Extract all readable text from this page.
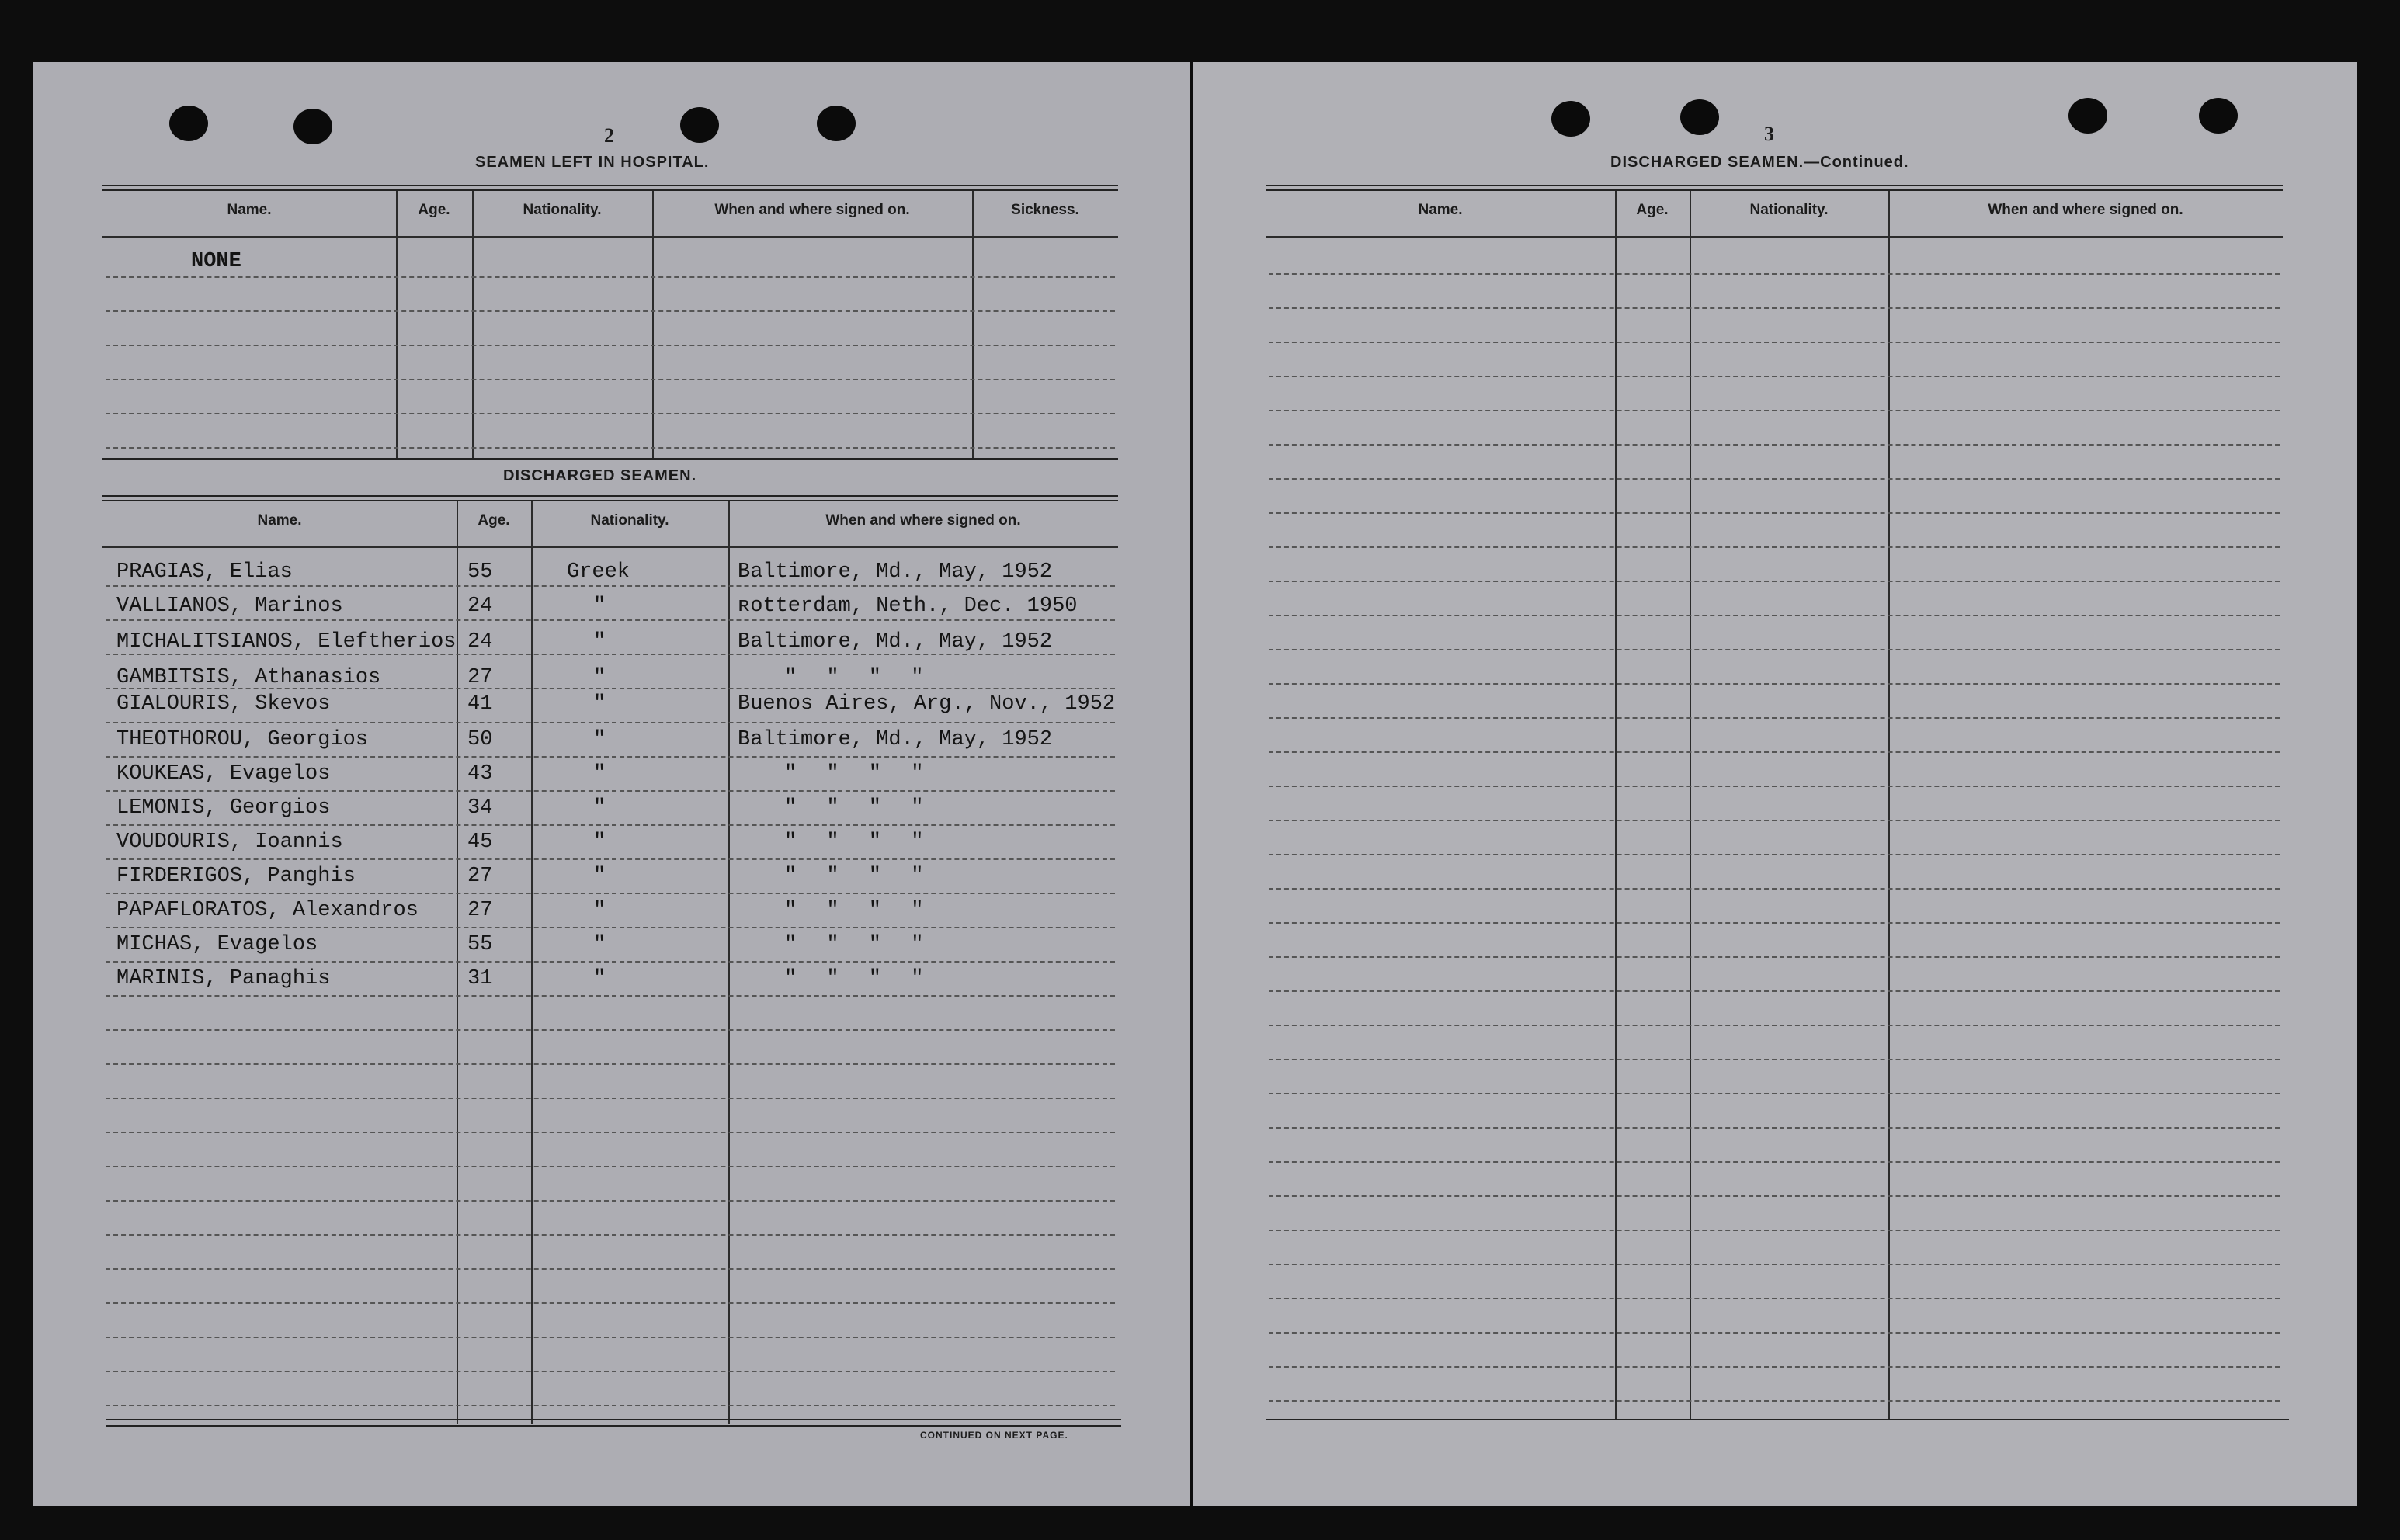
2
SEAMEN LEFT IN HOSPITAL.
Name.	Age.	Nationality.	When and where signed on.	Sickness.
NONE
DISCHARGED SEAMEN.
Name.	Age.	Nationality.	When and where signed on.
PRAGIAS, Elias	55	Greek	Baltimore, Md., May, 1952
VALLIANOS, Marinos	24	"	ʀotterdam, Neth., Dec. 1950
MICHALITSIANOS, Eleftherios 24	"	Baltimore, Md., May, 1952
GAMBITSIS, Athanasios	27	"	" " " "
GIALOURIS, Skevos	41	"	Buenos Aires, Arg., Nov., 1952
THEOTHOROU, Georgios	50	"	Baltimore, Md., May, 1952
KOUKEAS, Evagelos	43	"	" " " "
LEMONIS, Georgios	34	"	" " " "
VOUDOURIS, Ioannis	45	"	" " " "
FIRDERIGOS, Panghis	27	"	" " " "
PAPAFLORATOS, Alexandros 27	"	" " " "
MICHAS, Evagelos	55	"	" " " "
MARINIS, Panaghis	31	"	" " " "
CONTINUED ON NEXT PAGE.
3
DISCHARGED SEAMEN.—Continued.
Name.	Age.	Nationality.	When and where signed on.
